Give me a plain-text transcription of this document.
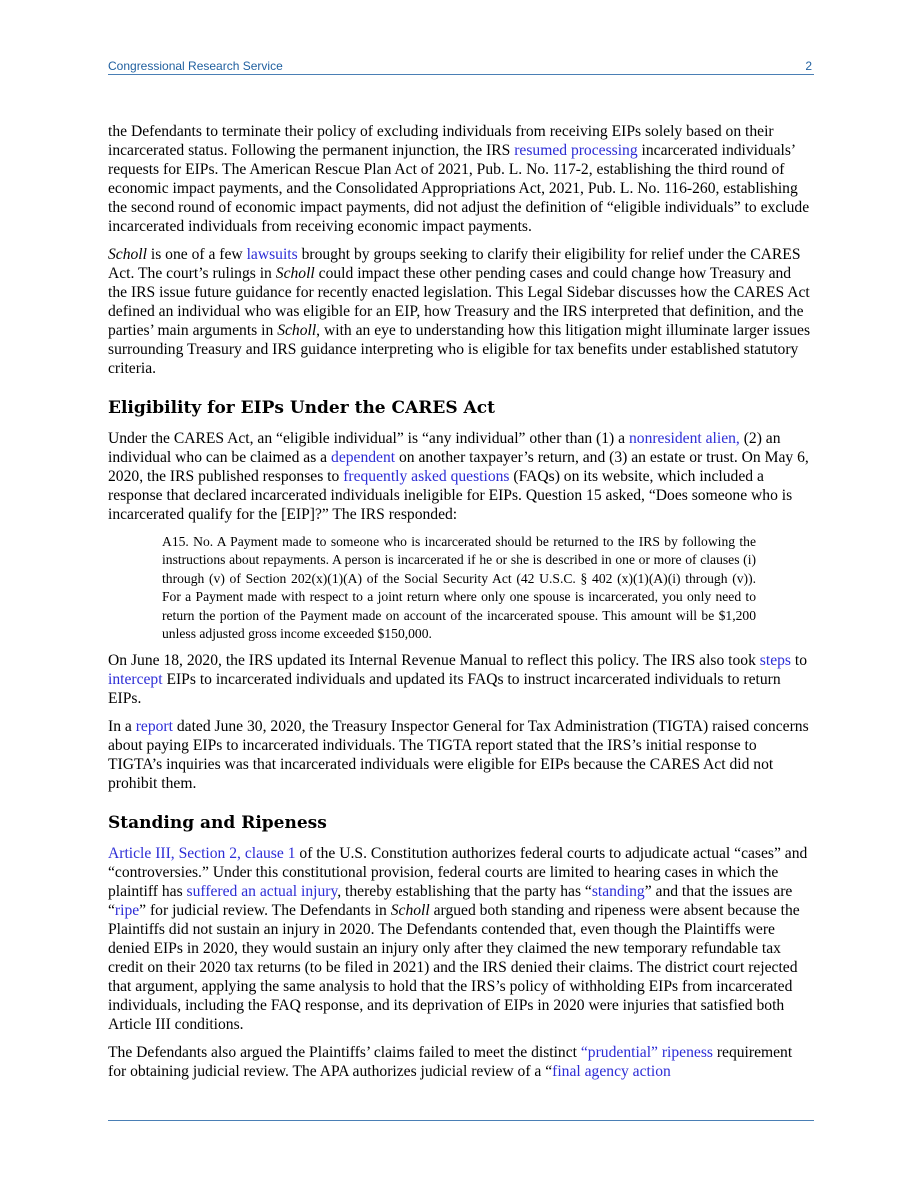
Congressional Research Service	2

the Defendants to terminate their policy of excluding individuals from receiving EIPs solely based on their incarcerated status. Following the permanent injunction, the IRS resumed processing incarcerated individuals’ requests for EIPs. The American Rescue Plan Act of 2021, Pub. L. No. 117-2, establishing the third round of economic impact payments, and the Consolidated Appropriations Act, 2021, Pub. L. No. 116-260, establishing the second round of economic impact payments, did not adjust the definition of “eligible individuals” to exclude incarcerated individuals from receiving economic impact payments.

Scholl is one of a few lawsuits brought by groups seeking to clarify their eligibility for relief under the CARES Act. The court’s rulings in Scholl could impact these other pending cases and could change how Treasury and the IRS issue future guidance for recently enacted legislation. This Legal Sidebar discusses how the CARES Act defined an individual who was eligible for an EIP, how Treasury and the IRS interpreted that definition, and the parties’ main arguments in Scholl, with an eye to understanding how this litigation might illuminate larger issues surrounding Treasury and IRS guidance interpreting who is eligible for tax benefits under established statutory criteria.

Eligibility for EIPs Under the CARES Act

Under the CARES Act, an “eligible individual” is “any individual” other than (1) a nonresident alien, (2) an individual who can be claimed as a dependent on another taxpayer’s return, and (3) an estate or trust. On May 6, 2020, the IRS published responses to frequently asked questions (FAQs) on its website, which included a response that declared incarcerated individuals ineligible for EIPs. Question 15 asked, “Does someone who is incarcerated qualify for the [EIP]?” The IRS responded:

A15. No. A Payment made to someone who is incarcerated should be returned to the IRS by following the instructions about repayments. A person is incarcerated if he or she is described in one or more of clauses (i) through (v) of Section 202(x)(1)(A) of the Social Security Act (42 U.S.C. § 402 (x)(1)(A)(i) through (v)). For a Payment made with respect to a joint return where only one spouse is incarcerated, you only need to return the portion of the Payment made on account of the incarcerated spouse. This amount will be $1,200 unless adjusted gross income exceeded $150,000.

On June 18, 2020, the IRS updated its Internal Revenue Manual to reflect this policy. The IRS also took steps to intercept EIPs to incarcerated individuals and updated its FAQs to instruct incarcerated individuals to return EIPs.

In a report dated June 30, 2020, the Treasury Inspector General for Tax Administration (TIGTA) raised concerns about paying EIPs to incarcerated individuals. The TIGTA report stated that the IRS’s initial response to TIGTA’s inquiries was that incarcerated individuals were eligible for EIPs because the CARES Act did not prohibit them.

Standing and Ripeness

Article III, Section 2, clause 1 of the U.S. Constitution authorizes federal courts to adjudicate actual “cases” and “controversies.” Under this constitutional provision, federal courts are limited to hearing cases in which the plaintiff has suffered an actual injury, thereby establishing that the party has “standing” and that the issues are “ripe” for judicial review. The Defendants in Scholl argued both standing and ripeness were absent because the Plaintiffs did not sustain an injury in 2020. The Defendants contended that, even though the Plaintiffs were denied EIPs in 2020, they would sustain an injury only after they claimed the new temporary refundable tax credit on their 2020 tax returns (to be filed in 2021) and the IRS denied their claims. The district court rejected that argument, applying the same analysis to hold that the IRS’s policy of withholding EIPs from incarcerated individuals, including the FAQ response, and its deprivation of EIPs in 2020 were injuries that satisfied both Article III conditions.

The Defendants also argued the Plaintiffs’ claims failed to meet the distinct “prudential” ripeness requirement for obtaining judicial review. The APA authorizes judicial review of a “final agency action
